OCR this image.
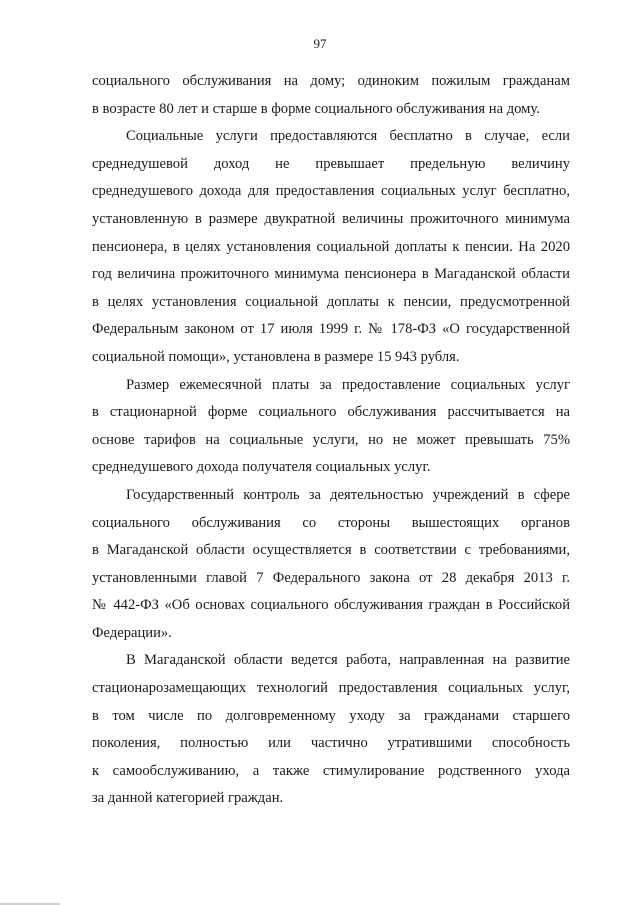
97

социального обслуживания на дому; одиноким пожилым гражданам
в возрасте 80 лет и старше в форме социального обслуживания на дому.

Социальные услуги предоставляются бесплатно в случае, если
среднедушевой доход не превышает предельную величину
среднедушевого дохода для предоставления социальных услуг бесплатно,
установленную в размере двукратной величины прожиточного минимума
пенсионера, в целях установления социальной доплаты к пенсии. На 2020
год величина прожиточного минимума пенсионера в Магаданской области
в целях установления социальной доплаты к пенсии, предусмотренной
Федеральным законом от 17 июля 1999 г. № 178-ФЗ «О государственной
социальной помощи», установлена в размере 15 943 рубля.

Размер ежемесячной платы за предоставление социальных услуг
в стационарной форме социального обслуживания рассчитывается на
основе тарифов на социальные услуги, но не может превышать 75%
среднедушевого дохода получателя социальных услуг.

Государственный контроль за деятельностью учреждений в сфере
социального обслуживания со стороны вышестоящих органов
в Магаданской области осуществляется в соответствии с требованиями,
установленными главой 7 Федерального закона от 28 декабря 2013 г.
№ 442-ФЗ «Об основах социального обслуживания граждан в Российской
Федерации».

В Магаданской области ведется работа, направленная на развитие
стационарозамещающих технологий предоставления социальных услуг,
в том числе по долговременному уходу за гражданами старшего
поколения, полностью или частично утратившими способность
к самообслуживанию, а также стимулирование родственного ухода
за данной категорией граждан.
